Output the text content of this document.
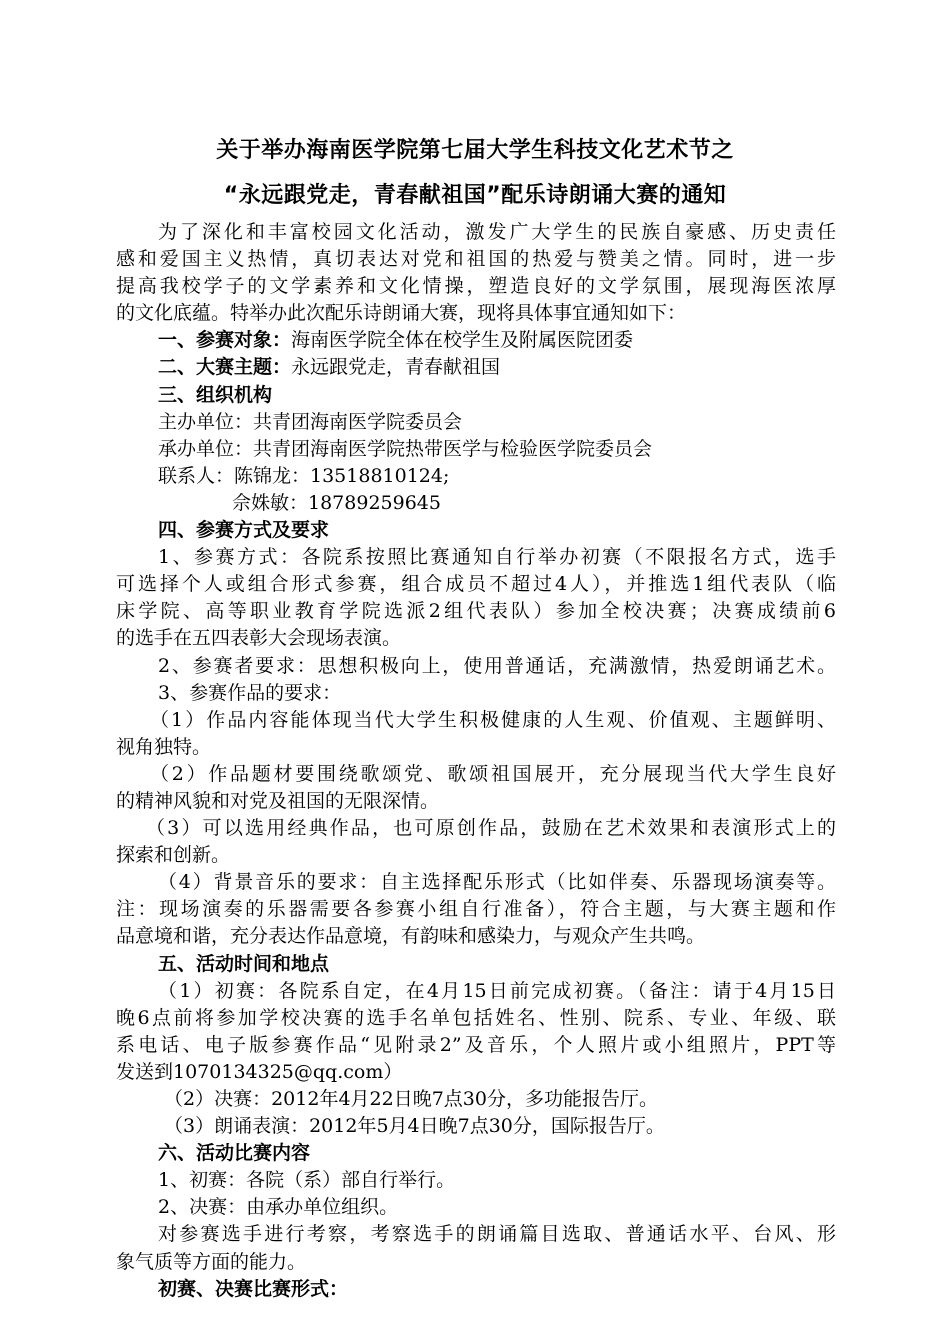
关于举办海南医学院第七届大学生科技文化艺术节之
“永远跟党走，青春献祖国”配乐诗朗诵大赛的通知
为了深化和丰富校园文化活动，激发广大学生的民族自豪感、历史责任
感和爱国主义热情，真切表达对党和祖国的热爱与赞美之情。同时，进一步
提高我校学子的文学素养和文化情操，塑造良好的文学氛围，展现海医浓厚
的文化底蕴。特举办此次配乐诗朗诵大赛，现将具体事宜通知如下：
一、参赛对象：海南医学院全体在校学生及附属医院团委
二、大赛主题：永远跟党走，青春献祖国
三、组织机构
主办单位：共青团海南医学院委员会
承办单位：共青团海南医学院热带医学与检验医学院委员会
联系人：陈锦龙：13518810124;
佘姝敏：18789259645
四、参赛方式及要求
1、参赛方式：各院系按照比赛通知自行举办初赛（不限报名方式，选手
可选择个人或组合形式参赛，组合成员不超过4人），并推选1组代表队（临
床学院、高等职业教育学院选派2组代表队）参加全校决赛；决赛成绩前6
的选手在五四表彰大会现场表演。
2、参赛者要求：思想积极向上，使用普通话，充满激情，热爱朗诵艺术。
3、参赛作品的要求：
（1）作品内容能体现当代大学生积极健康的人生观、价值观、主题鲜明、
视角独特。
（2）作品题材要围绕歌颂党、歌颂祖国展开，充分展现当代大学生良好
的精神风貌和对党及祖国的无限深情。
（3）可以选用经典作品，也可原创作品，鼓励在艺术效果和表演形式上的
探索和创新。
（4）背景音乐的要求：自主选择配乐形式（比如伴奏、乐器现场演奏等。
注：现场演奏的乐器需要各参赛小组自行准备），符合主题，与大赛主题和作
品意境和谐，充分表达作品意境，有韵味和感染力，与观众产生共鸣。
五、活动时间和地点
（1）初赛：各院系自定，在4月15日前完成初赛。（备注：请于4月15日
晚6点前将参加学校决赛的选手名单包括姓名、性别、院系、专业、年级、联
系电话、电子版参赛作品“见附录2”及音乐，个人照片或小组照片，PPT等
发送到1070134325@qq.com）
（2）决赛：2012年4月22日晚7点30分，多功能报告厅。
（3）朗诵表演：2012年5月4日晚7点30分，国际报告厅。
六、活动比赛内容
1、初赛：各院（系）部自行举行。
2、决赛：由承办单位组织。
对参赛选手进行考察，考察选手的朗诵篇目选取、普通话水平、台风、形
象气质等方面的能力。
初赛、决赛比赛形式：
